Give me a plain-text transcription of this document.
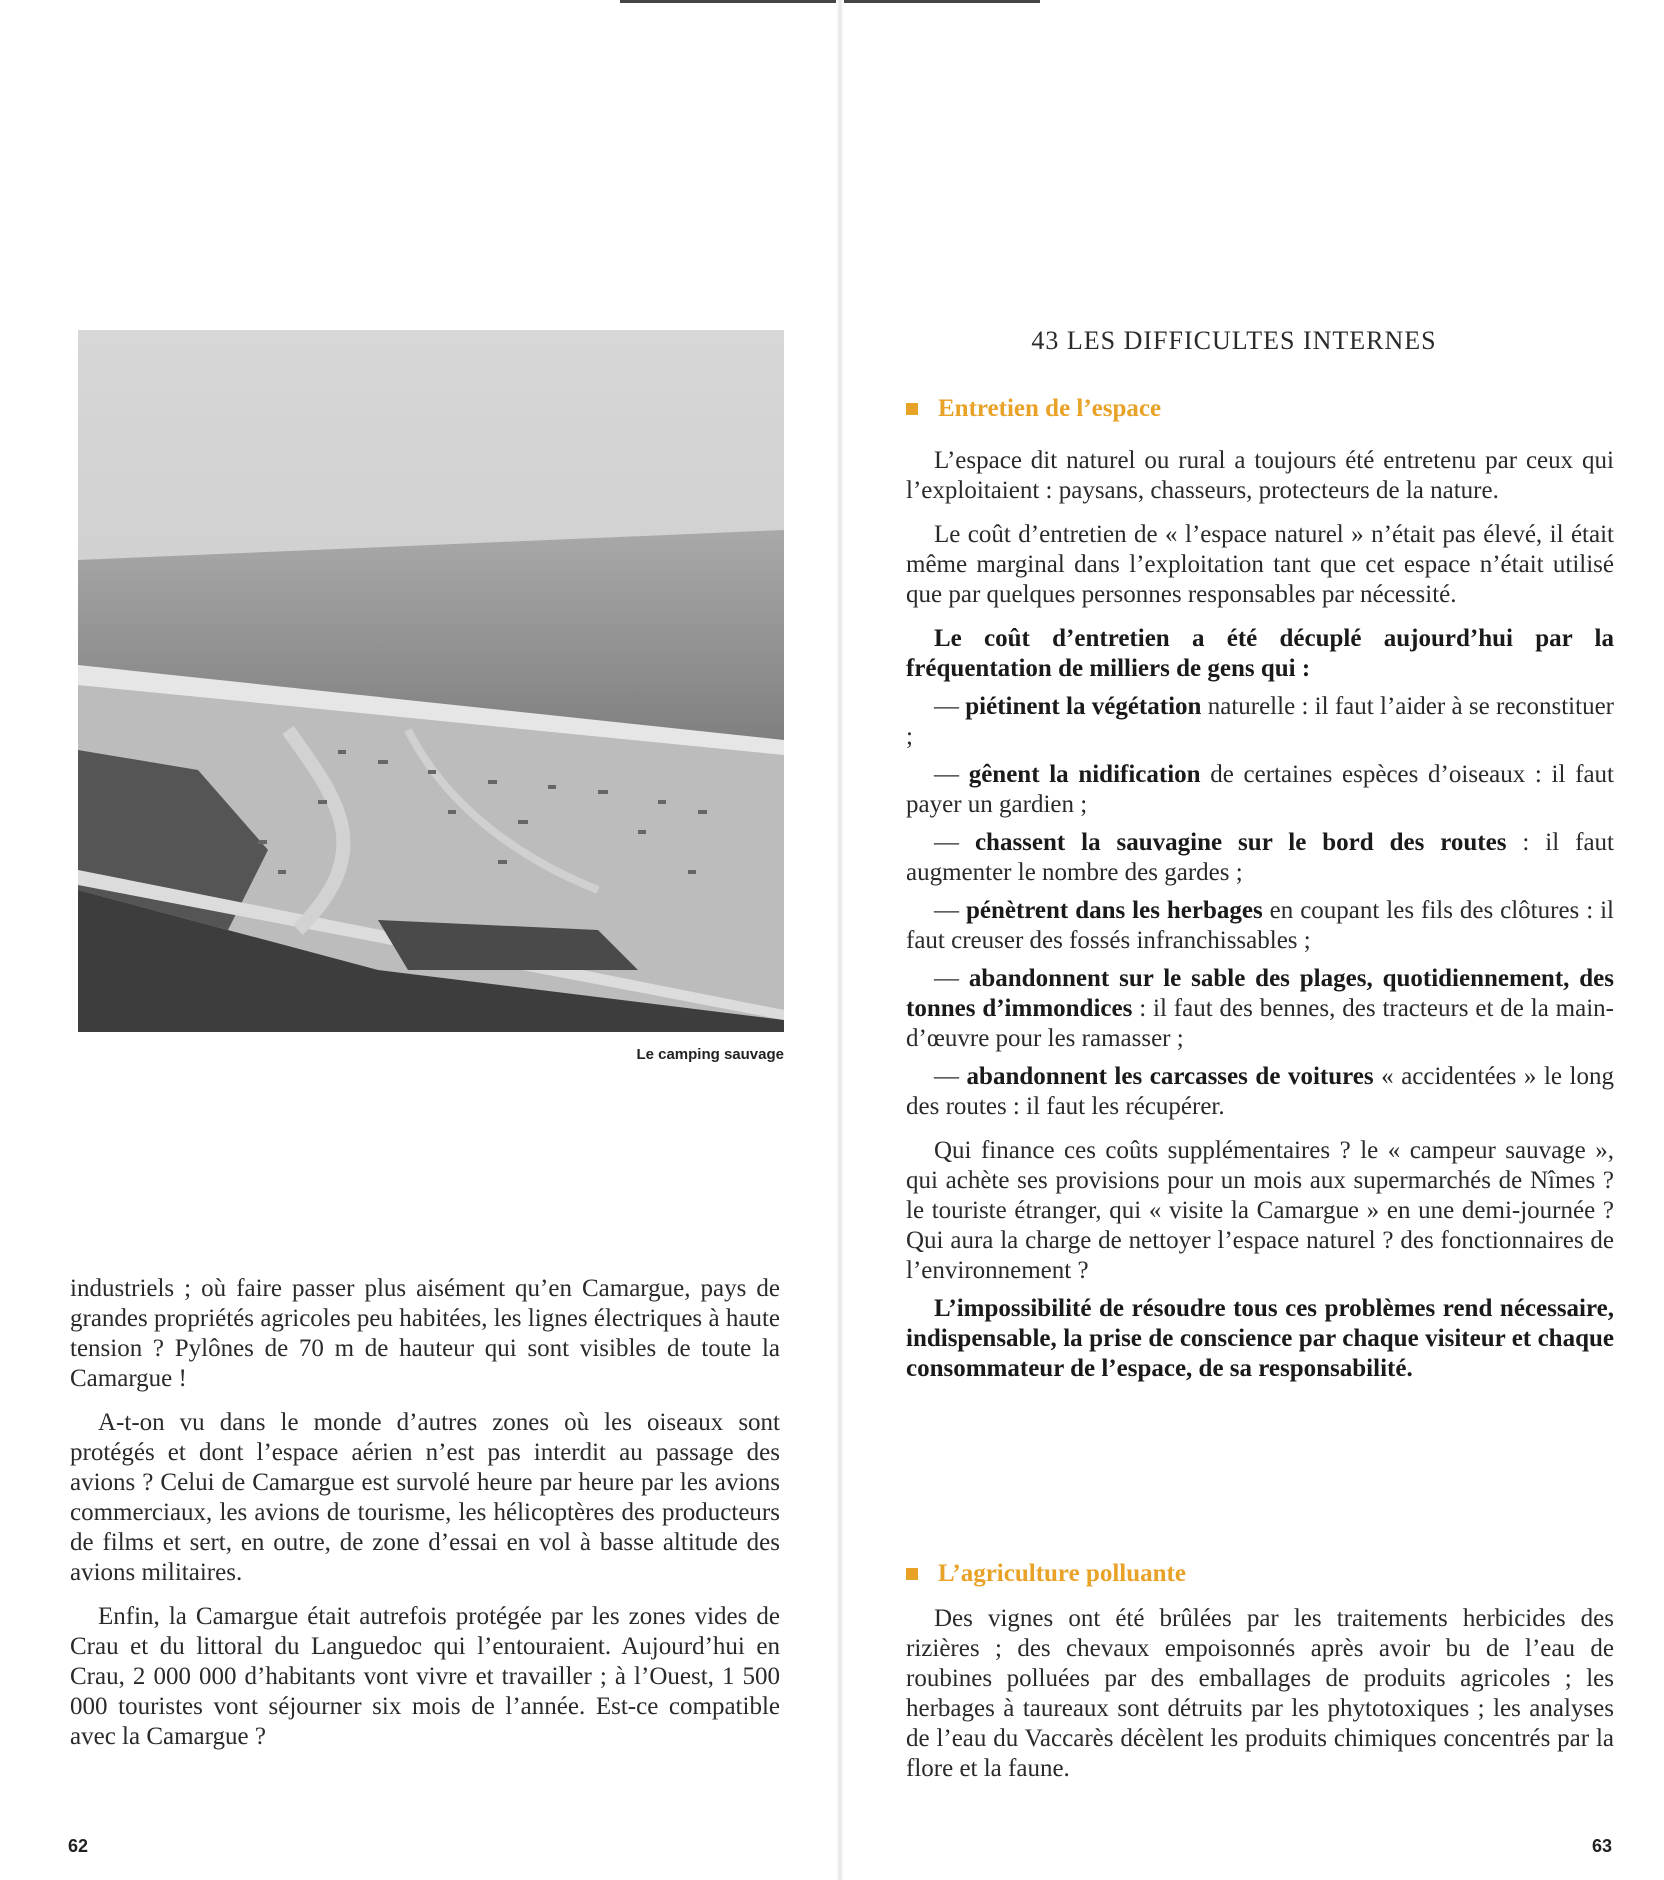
Le camping sauvage

industriels ; où faire passer plus aisément qu’en Camargue, pays de grandes propriétés agricoles peu habitées, les lignes électriques à haute tension ? Pylônes de 70 m de hauteur qui sont visibles de toute la Camargue !

A-t-on vu dans le monde d’autres zones où les oiseaux sont protégés et dont l’espace aérien n’est pas interdit au passage des avions ? Celui de Camargue est survolé heure par heure par les avions commerciaux, les avions de tourisme, les hélicoptères des producteurs de films et sert, en outre, de zone d’essai en vol à basse altitude des avions militaires.

Enfin, la Camargue était autrefois protégée par les zones vides de Crau et du littoral du Languedoc qui l’entouraient. Aujourd’hui en Crau, 2 000 000 d’habitants vont vivre et travailler ; à l’Ouest, 1 500 000 touristes vont séjourner six mois de l’année. Est-ce compatible avec la Camargue ?

62
43 LES DIFFICULTES INTERNES
Entretien de l’espace

L’espace dit naturel ou rural a toujours été entretenu par ceux qui l’exploitaient : paysans, chasseurs, protecteurs de la nature.

Le coût d’entretien de « l’espace naturel » n’était pas élevé, il était même marginal dans l’exploitation tant que cet espace n’était utilisé que par quelques personnes responsables par nécessité.

Le coût d’entretien a été décuplé aujourd’hui par la fréquentation de milliers de gens qui :

— piétinent la végétation naturelle : il faut l’aider à se reconstituer ;

— gênent la nidification de certaines espèces d’oiseaux : il faut payer un gardien ;

— chassent la sauvagine sur le bord des routes : il faut augmenter le nombre des gardes ;

— pénètrent dans les herbages en coupant les fils des clôtures : il faut creuser des fossés infranchissables ;

— abandonnent sur le sable des plages, quotidiennement, des tonnes d’immondices : il faut des bennes, des tracteurs et de la main-d’œuvre pour les ramasser ;

— abandonnent les carcasses de voitures « accidentées » le long des routes : il faut les récupérer.

Qui finance ces coûts supplémentaires ? le « campeur sauvage », qui achète ses provisions pour un mois aux supermarchés de Nîmes ? le touriste étranger, qui « visite la Camargue » en une demi-journée ? Qui aura la charge de nettoyer l’espace naturel ? des fonctionnaires de l’environnement ?

L’impossibilité de résoudre tous ces problèmes rend nécessaire, indispensable, la prise de conscience par chaque visiteur et chaque consommateur de l’espace, de sa responsabilité.

L’agriculture polluante

Des vignes ont été brûlées par les traitements herbicides des rizières ; des chevaux empoisonnés après avoir bu de l’eau de roubines polluées par des emballages de produits agricoles ; les herbages à taureaux sont détruits par les phytotoxiques ; les analyses de l’eau du Vaccarès décèlent les produits chimiques concentrés par la flore et la faune.

63
